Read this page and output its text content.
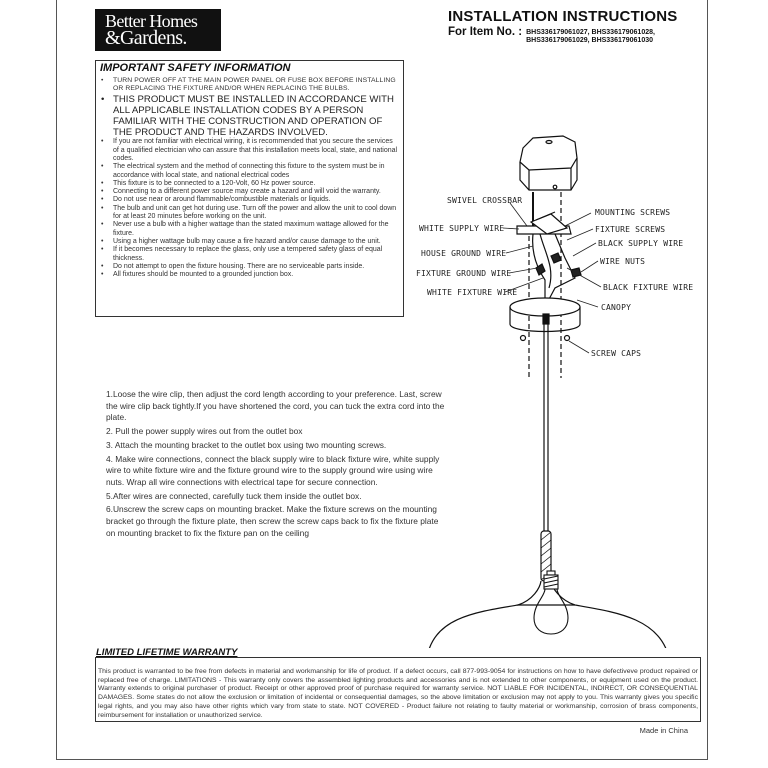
Better Homes
&Gardens.
INSTALLATION INSTRUCTIONS
For Item No. : BHS336179061027, BHS336179061028,
BHS336179061029, BHS336179061030
IMPORTANT SAFETY INFORMATION
•	TURN POWER OFF AT THE MAIN POWER PANEL OR FUSE BOX BEFORE INSTALLING OR REPLACING THE FIXTURE AND/OR WHEN REPLACING THE BULBS.
• THIS PRODUCT MUST BE INSTALLED IN ACCORDANCE WITH ALL APPLICABLE INSTALLATION CODES BY A PERSON FAMILIAR WITH THE CONSTRUCTION AND OPERATION OF THE PRODUCT AND THE HAZARDS INVOLVED.
•	If you are not familiar with electrical wiring, it is recommended that you secure the services of a qualified electrician who can assure that this installation meets local, state, and national codes.
•	The electrical system and the method of connecting this fixture to the system must be in accordance with local state, and national electrical codes
•	This fixture is to be connected to a 120-Volt, 60 Hz power source.
•	Connecting to a different power source may create a hazard and will void the warranty.
•	Do not use near or around flammable/combustible materials or liquids.
•	The bulb and unit can get hot during use. Turn off the power and allow the unit to cool down for at least 20 minutes before working on the unit.
•	Never use a bulb with a higher wattage than the stated maximum wattage allowed for the fixture.
•	Using a higher wattage bulb may cause a fire hazard and/or cause damage to the unit.
•	If it becomes necessary to replace the glass, only use a tempered safety glass of equal thickness.
•	Do not attempt to open the fixture housing. There are no serviceable parts inside.
•	All fixtures should be mounted to a grounded junction box.
SWIVEL CROSSBAR
MOUNTING SCREWS
WHITE SUPPLY WIRE	FIXTURE SCREWS
BLACK SUPPLY WIRE
HOUSE GROUND WIRE
WIRE NUTS
FIXTURE GROUND WIRE
BLACK FIXTURE WIRE
WHITE FIXTURE WIRE
CANOPY
SCREW CAPS
1.Loose the wire clip, then adjust the cord length according to your preference. Last, screw the wire clip back tightly.If you have shortened the cord, you can tuck the extra cord into the plate.
2. Pull the power supply wires out from the outlet box
3. Attach the mounting bracket to the outlet box using two mounting screws.
4. Make wire connections, connect the black supply wire to black fixture wire, white supply wire to white fixture wire and the fixture ground wire to the supply ground wire using wire nuts. Wrap all wire connections with electrical tape for secure connection.
5.After wires are connected, carefully tuck them inside the outlet box.
6.Unscrew the screw caps on mounting bracket. Make the fixture screws on the mounting bracket go through the fixture plate, then screw the screw caps back to fix the fixture plate on mounting bracket to fix the fixture pan on the ceiling
LIMITED LIFETIME WARRANTY
This product is warranted to be free from defects in material and workmanship for life of product. If a defect occurs, call 877-993-9054 for instructions on how to have defectiveve product repaired or replaced free of charge. LIMITATIONS - This warranty only covers the assembled lighting products and accessories and is not extended to other components, or equipment used on the product. Warranty extends to original purchaser of product. Receipt or other approved proof of purchase required for warranty service. NOT LIABLE FOR INCIDENTAL, INDIRECT, OR CONSEQUENTIAL DAMAGES. Some states do not allow the exclusion or limitation of incidental or consequential damages, so the above limitation or exclusion may not apply to you. This warranty gives you specific legal rights, and you may also have other rights which vary from state to state. NOT COVERED - Product failure not relating to faulty material or workmanship, corrosion of brass components, reimbursement for installation or unauthorized service.
Made in China
